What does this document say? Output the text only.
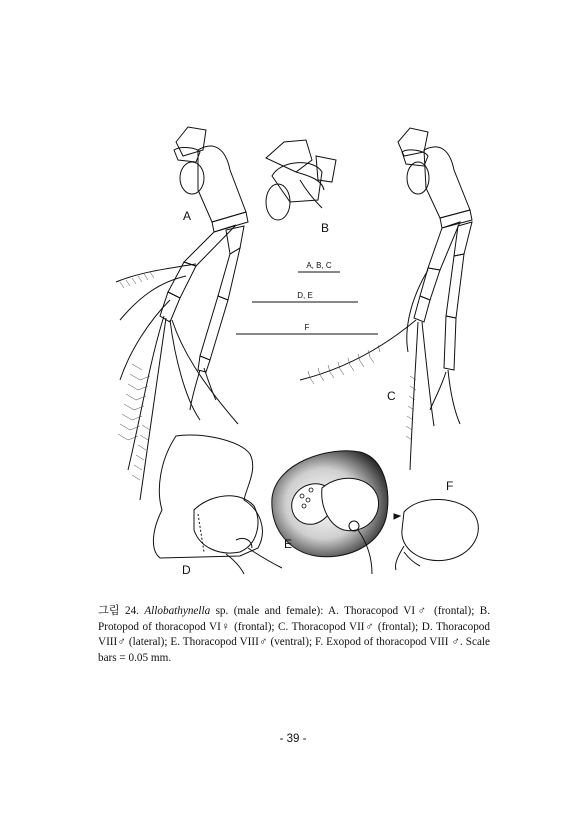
A
B
C
D
E
F
A, B, C
D, E
F
그림 24. Allobathynella sp. (male and female): A. Thoracopod VI♂ (frontal); B. Protopod of thoracopod VI♀ (frontal); C. Thoracopod VII♂ (frontal); D. Thoracopod VIII♂ (lateral); E. Thoracopod VIII♂ (ventral); F. Exopod of thoracopod VIII ♂. Scale bars = 0.05 mm.
- 39 -
